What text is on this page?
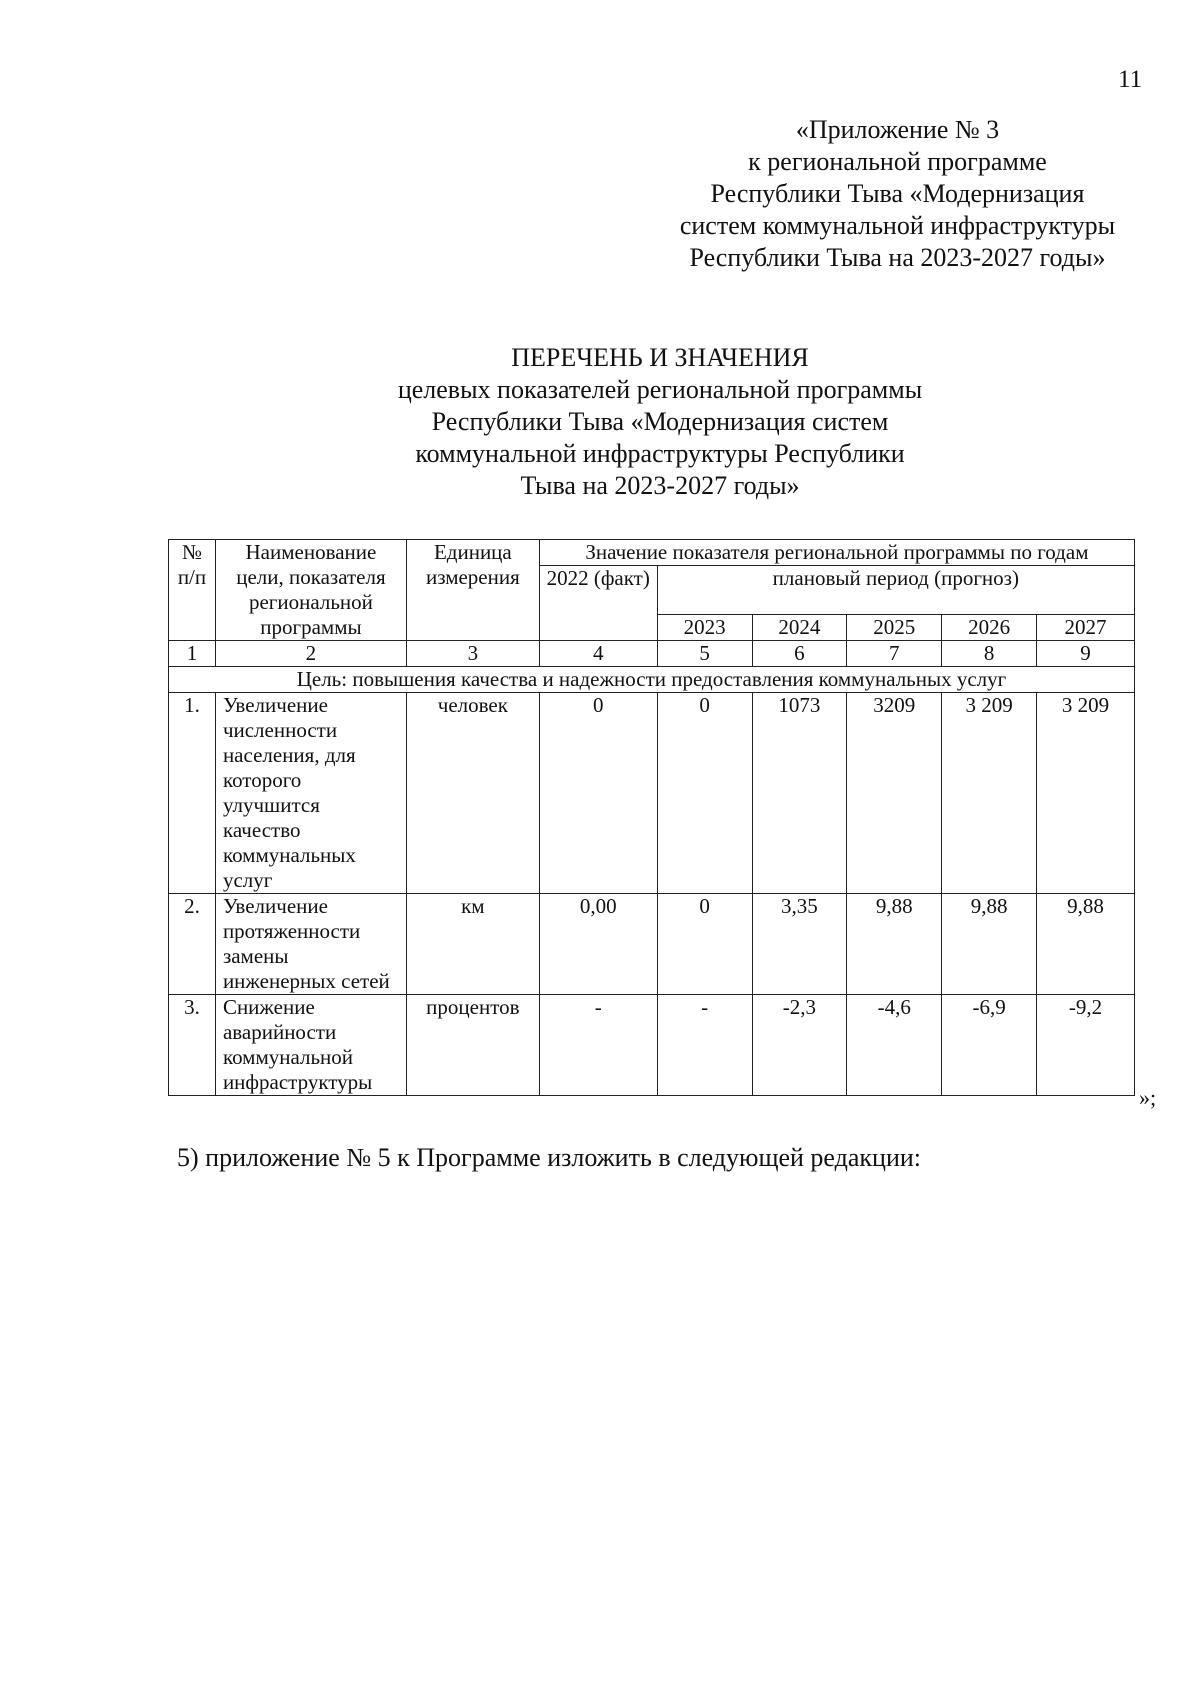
11
«Приложение № 3
к региональной программе
Республики Тыва «Модернизация
систем коммунальной инфраструктуры
Республики Тыва на 2023-2027 годы»
ПЕРЕЧЕНЬ И ЗНАЧЕНИЯ
целевых показателей региональной программы
Республики Тыва «Модернизация систем
коммунальной инфраструктуры Республики
Тыва на 2023-2027 годы»
№ п/п	Наименование цели, показателя региональной программы	Единица измерения	Значение показателя региональной программы по годам					
			2022 (факт)	плановый период (прогноз)				
				2023	2024	2025	2026	2027
1	2	3	4	5	6	7	8	9
Цель: повышения качества и надежности предоставления коммунальных услуг								
1.	Увеличение численности населения, для которого улучшится качество коммунальных услуг	человек	0	0	1073	3209	3 209	3 209
2.	Увеличение протяженности замены инженерных сетей	км	0,00	0	3,35	9,88	9,88	9,88
3.	Снижение аварийности коммунальной инфраструктуры	процентов	-	-	-2,3	-4,6	-6,9	-9,2
»;
5) приложение № 5 к Программе изложить в следующей редакции:
